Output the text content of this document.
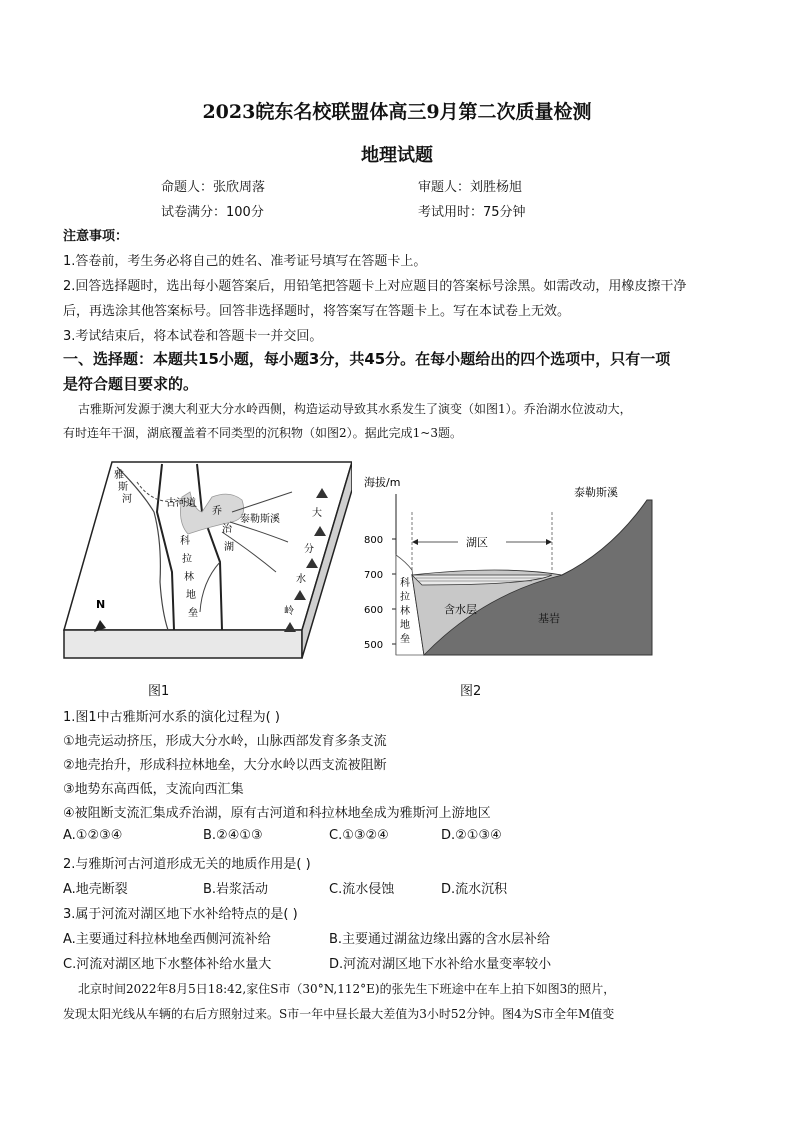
2023皖东名校联盟体高三9月第二次质量检测
地理试题
命题人：张欣周落	审题人：刘胜杨旭
试卷满分：100分	考试用时：75分钟
注意事项：
1.答卷前，考生务必将自己的姓名、准考证号填写在答题卡上。
2.回答选择题时，选出每小题答案后，用铅笔把答题卡上对应题目的答案标号涂黑。如需改动，用橡皮擦干净
后，再选涂其他答案标号。回答非选择题时，将答案写在答题卡上。写在本试卷上无效。
3.考试结束后，将本试卷和答题卡一并交回。
一、选择题：本题共15小题，每小题3分，共45分。在每小题给出的四个选项中，只有一项
是符合题目要求的。
古雅斯河发源于澳大利亚大分水岭西侧，构造运动导致其水系发生了演变（如图1）。乔治湖水位波动大，
有时连年干涸，湖底覆盖着不同类型的沉积物（如图2）。据此完成1~3题。
雅
斯
河	古河道
乔
治
湖
泰勒斯溪
科
拉
林
地
垒
大
分
水
岭
N
图1
海拔/m
800
700
600
500
湖区
泰勒斯溪
含水层
基岩
科
拉
林
地
垒
图2
1.图1中古雅斯河水系的演化过程为( )
①地壳运动挤压，形成大分水岭，山脉西部发育多条支流
②地壳抬升，形成科拉林地垒，大分水岭以西支流被阻断
③地势东高西低，支流向西汇集
④被阻断支流汇集成乔治湖，原有古河道和科拉林地垒成为雅斯河上游地区
A.①②③④	B.②④①③	C.①③②④	D.②①③④
2.与雅斯河古河道形成无关的地质作用是( )
A.地壳断裂	B.岩浆活动	C.流水侵蚀	D.流水沉积
3.属于河流对湖区地下水补给特点的是( )
A.主要通过科拉林地垒西侧河流补给	B.主要通过湖盆边缘出露的含水层补给
C.河流对湖区地下水整体补给水量大	D.河流对湖区地下水补给水量变率较小
北京时间2022年8月5日18:42,家住S市（30°N,112°E)的张先生下班途中在车上拍下如图3的照片，
发现太阳光线从车辆的右后方照射过来。S市一年中昼长最大差值为3小时52分钟。图4为S市全年M值变
